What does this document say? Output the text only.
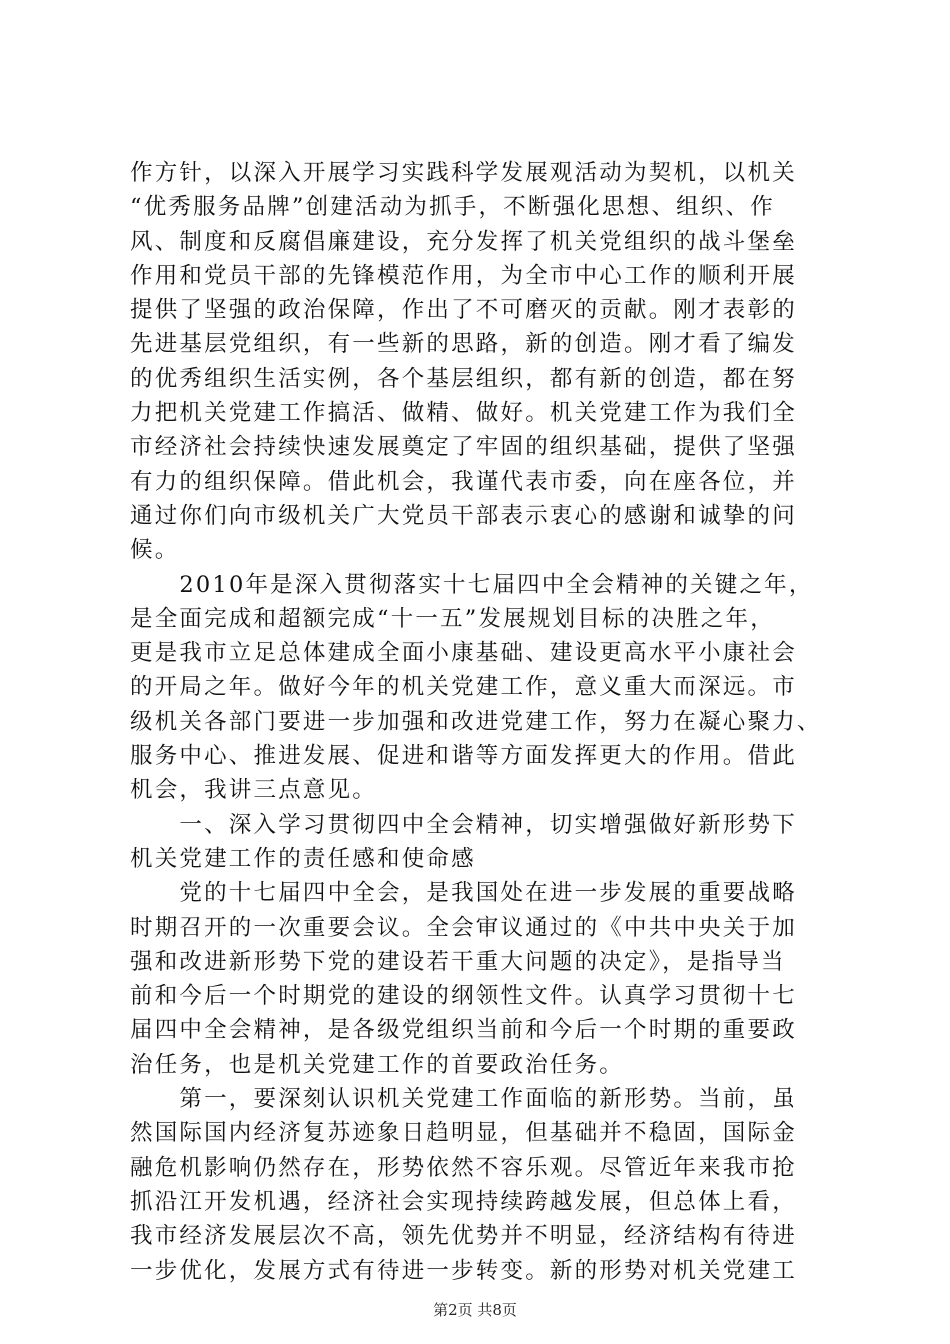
作方针，以深入开展学习实践科学发展观活动为契机，以机关
“优秀服务品牌”创建活动为抓手，不断强化思想、组织、作
风、制度和反腐倡廉建设，充分发挥了机关党组织的战斗堡垒
作用和党员干部的先锋模范作用，为全市中心工作的顺利开展
提供了坚强的政治保障，作出了不可磨灭的贡献。刚才表彰的
先进基层党组织，有一些新的思路，新的创造。刚才看了编发
的优秀组织生活实例，各个基层组织，都有新的创造，都在努
力把机关党建工作搞活、做精、做好。机关党建工作为我们全
市经济社会持续快速发展奠定了牢固的组织基础，提供了坚强
有力的组织保障。借此机会，我谨代表市委，向在座各位，并
通过你们向市级机关广大党员干部表示衷心的感谢和诚挚的问
候。
　　2010年是深入贯彻落实十七届四中全会精神的关键之年，
是全面完成和超额完成“十一五”发展规划目标的决胜之年，
更是我市立足总体建成全面小康基础、建设更高水平小康社会
的开局之年。做好今年的机关党建工作，意义重大而深远。市
级机关各部门要进一步加强和改进党建工作，努力在凝心聚力、
服务中心、推进发展、促进和谐等方面发挥更大的作用。借此
机会，我讲三点意见。
　　一、深入学习贯彻四中全会精神，切实增强做好新形势下
机关党建工作的责任感和使命感
　　党的十七届四中全会，是我国处在进一步发展的重要战略
时期召开的一次重要会议。全会审议通过的《中共中央关于加
强和改进新形势下党的建设若干重大问题的决定》，是指导当
前和今后一个时期党的建设的纲领性文件。认真学习贯彻十七
届四中全会精神，是各级党组织当前和今后一个时期的重要政
治任务，也是机关党建工作的首要政治任务。
　　第一，要深刻认识机关党建工作面临的新形势。当前，虽
然国际国内经济复苏迹象日趋明显，但基础并不稳固，国际金
融危机影响仍然存在，形势依然不容乐观。尽管近年来我市抢
抓沿江开发机遇，经济社会实现持续跨越发展，但总体上看，
我市经济发展层次不高，领先优势并不明显，经济结构有待进
一步优化，发展方式有待进一步转变。新的形势对机关党建工
第2页 共8页
